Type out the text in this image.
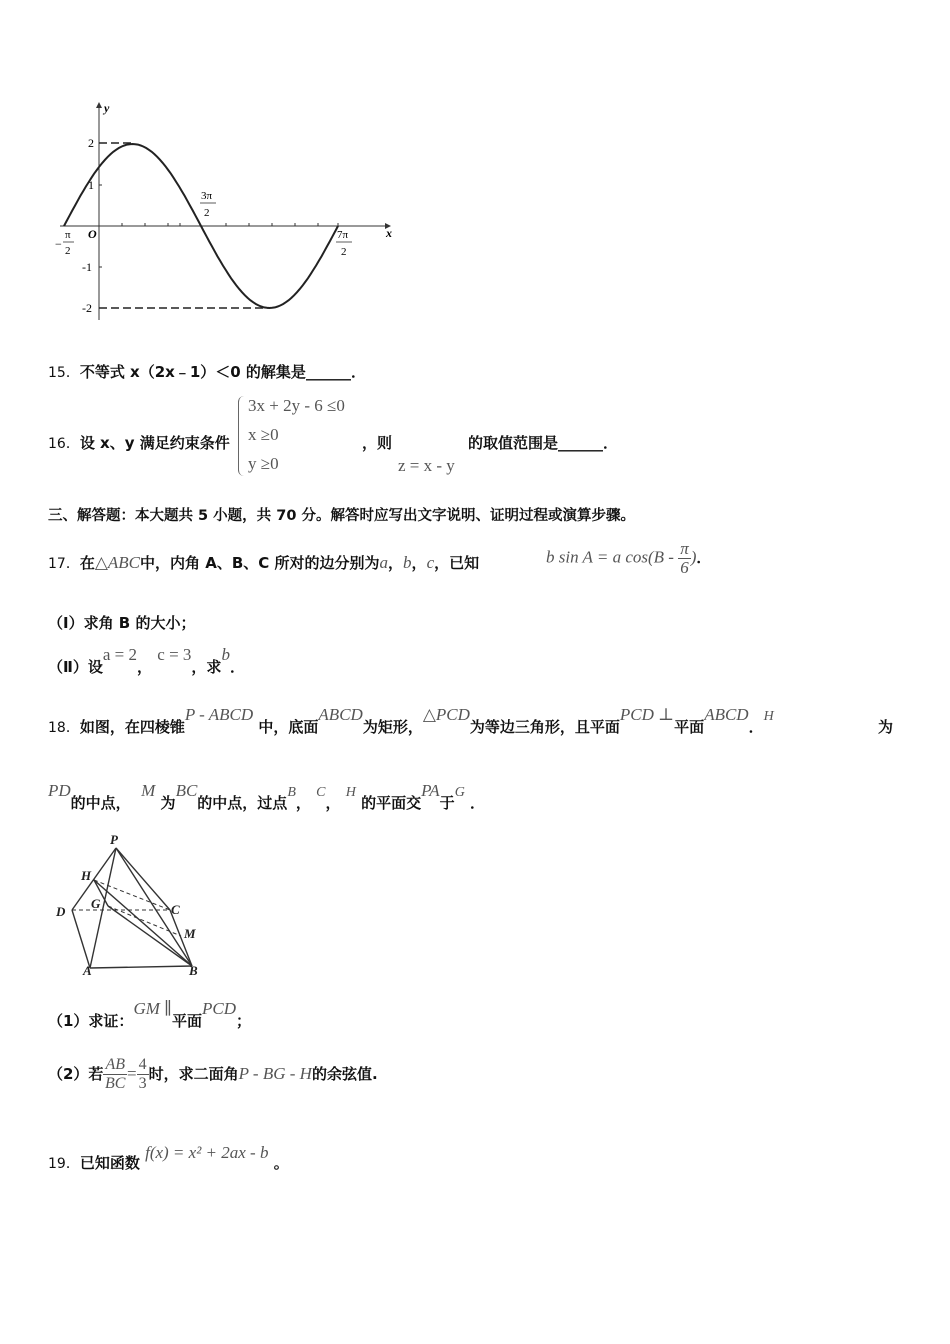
y
x
O
2
1
-1
-2
−
π
2
3π
2
7π
2
15．不等式 x（2x﹣1）＜0 的解集是______．
16．设 x、y 满足约束条件
3x + 2y - 6 ≤0
x ≥0
y ≥0
，则
z = x - y
的取值范围是______．
三、解答题：本大题共 5 小题，共 70 分。解答时应写出文字说明、证明过程或演算步骤。
17．在△ABC中，内角 A、B、C 所对的边分别为a，b，c，已知	b sin A = a $\cos(B - \frac{\pi}{6}$ )．
（Ⅰ）求角 B 的大小；
（Ⅱ）设a = 2， c = 3，求b．
18．如图，在四棱锥P - ABCD 中，底面ABCD为矩形，△PCD为等边三角形，且平面PCD ⊥平面ABCD．H
为
PD的中点，  M 为BC的中点，过点B， C， H 的平面交PA于G ．
P
H
G
D	C
M
A	B
（1）求证：GM ∥平面PCD；
（2）若 $\frac{AB}{BC} = \frac{4}{3}$ 时，求二面角P - BG - H的余弦值.
19．已知函数 f(x) = x² + 2ax - b 。
